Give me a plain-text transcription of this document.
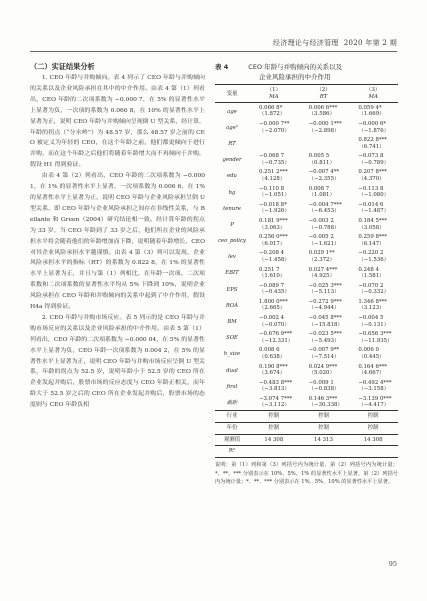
经济理论与经济管理 2020 年第 2 期
（二）实证结果分析

1. CEO 年龄与并购倾向。表 4 列示了 CEO 年龄与并购倾向的关系以及企业风险承担在其中的中介作用。由表 4 第（1）列看出，CEO 年龄的二次项系数为 −0.000 7，在 5% 的显著性水平上显著为负，一次项的系数为 0.066 8，在 10% 的显著性水平上显著为正，说明 CEO 年龄与并购倾向呈现倒 U 型关系，经计算，年龄的拐点（“分水岭”）为 48.57 岁，那么 48.57 岁之前的 CEO 被定义为年轻的 CEO，在这个年龄之前，他们都更倾向于进行并购，而在这个年龄之后他们将随着年龄增大而不再倾向于并购，假设 H1 得到验证。

由表 4 第（2）列看出，CEO 年龄的二次项系数为 −0.000 1，在 1% 的显著性水平上显著，一次项系数为 0.006 6，在 1% 的显著性水平上显著为正，说明 CEO 年龄与企业风险承担呈倒 U 型关系，即 CEO 年龄与企业风险承担之间存在非线性关系，与 Bellante 和 Green（2004）研究结论相一致。经计算年龄的拐点为 33 岁，当 CEO 年龄到了 33 岁之后，他们所在企业的风险承担水平将会随着他们的年龄增加而下降，说明随着年龄增长，CEO 对其企业风险承担水平越谨慎。由表 4 第（3）列可以发现，企业风险承担水平的指标（RT）的系数为 0.822 8，在 1% 的显著性水平上显著为正，并且与第（1）列相比，在年龄一次项、二次项系数和二次项系数的显著性水平均从 5% 下降到 10%，说明企业风险承担在 CEO 年龄和并购倾向的关系中起到了中介作用，假设 H4a 得到验证。

2. CEO 年龄与并购市场反应。表 5 列示的是 CEO 年龄与并购市场反应的关系以及企业风险承担的中介作用。由表 5 第（1）列看出，CEO 年龄的二次项系数为 −0.000 04，在 5% 的显著性水平上显著为负，CEO 年龄一次项系数为 0.004 2，在 5% 的显著性水平上显著为正，说明 CEO 年龄与并购市场反应呈倒 U 型关系，年龄的拐点为 52.5 岁，说明年龄小于 52.5 岁的 CEO 所在企业发起并购后，股票市场的反应态度与 CEO 年龄正相关，而年龄大于 52.5 岁之后的 CEO 所在企业发起并购后，股票市场的态度则与 CEO 年龄负相

表 4	CEO 年龄与并购倾向的关系以及
企业风险承担的中介作用
变量	（1）	（2）	（3）
	MA	RT	MA
age	0.066 8*	0.006 6***	0.059 4*
	（1.872）	（3.586）	（1.669）
age²	−0.000 7**	−0.000 1***	−0.000 6*
	（−2.070）	（−2.898）	（−1.876）
RT			0.822 8***
			（6.741）
gender	−0.068 7	0.005 5	−0.073 8
	（−0.735）	（0.811）	（−0.789）
edu	0.251 2***	−0.007 4**	0.207 8***
	（4.128）	（−2.355）	（4.370）
hg	−0.110 8	0.008 7	−0.113 8
	（−1.051）	（1.081）	（−1.080）
tenure	−0.018 8*	−0.004 7***	−0.014 6
	（−1.926）	（−6.453）	（−1.487）
P	0.181 9***	−0.003 2	0.184 5***
	（3.063）	（−0.788）	（3.058）
ceo_policy	0.256 0***	−0.005 2	0.259 8***
	（6.017）	（−1.621）	（6.147）
lev	−0.208 4	0.029 1**	−0.220 2
	（−1.458）	（2.372）	（−1.536）
EBIT	0.251 7	0.027 4***	0.248 4
	（1.610）	（4.925）	（1.581）
EPS	−0.089 7	−0.025 3***	−0.070 2
	（−0.435）	（−5.113）	（−0.332）
ROA	1.800 0***	−0.272 9***	1.346 8***
	（2.665）	（−4.944）	（3.123）
BM	−0.002 4	−0.045 8***	−0.004 5
	（−0.070）	（−15.818）	（−0.131）
SOE	−0.676 9***	−0.023 5***	−0.656 3***
	（−12.331）	（−5.493）	（−11.935）
h_size	0.008 6	−0.007 9**	0.006 0
	（0.638）	（−7.514）	（0.445）
dual	0.190 8***	0.024 9***	0.164 6***
	（3.674）	（5.020）	（4.667）
first	−0.483 8***	−0.009 1	−0.492 4***
	（−3.813）	（−0.838）	（−3.158）
截距	−3.074 7***	0.146 3***	−3.139 0***
	（−3.112）	（−30.338）	（−4.417）
行业	控制	控制	控制
年份	控制	控制	控制
观测值	14 308	14 313	14 308
R²			

说明：第（1）列和第（3）列括号内为统计量，第（2）列括号内为统计量；*、**、*** 分别表示在 10%、5%、1% 的显著性水平上显著。第（2）列括号内为统计量；*、**、*** 分别表示在 1%、5%、10% 的显著性水平上显著。

95
